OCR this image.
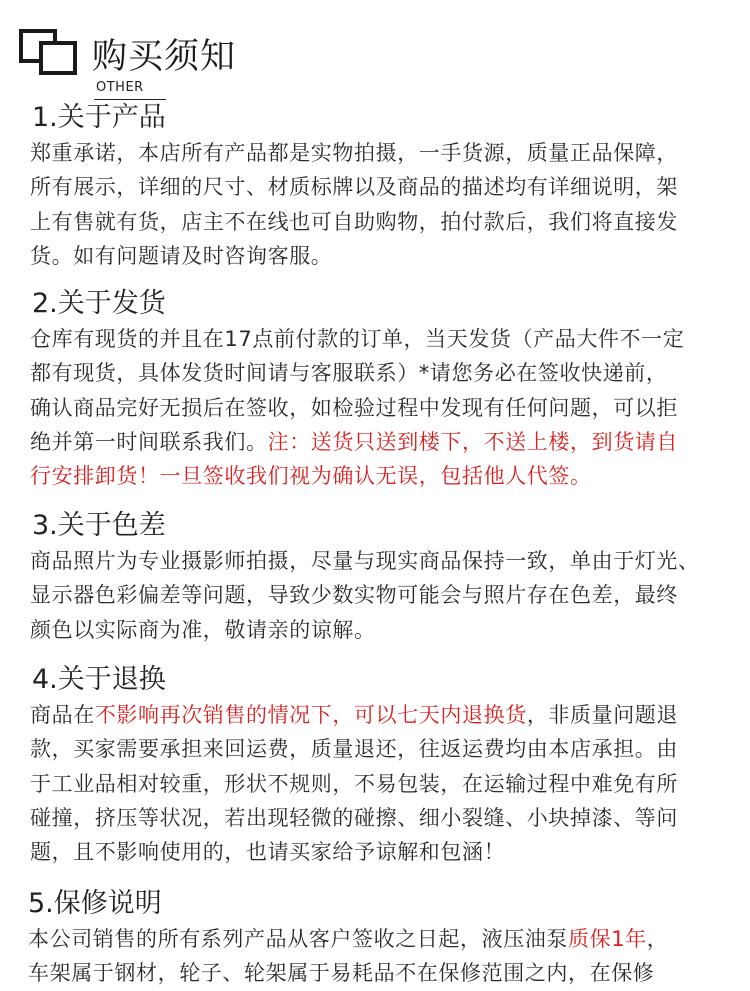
购买须知
OTHER
1.关于产品
郑重承诺，本店所有产品都是实物拍摄，一手货源，质量正品保障，
所有展示，详细的尺寸、材质标牌以及商品的描述均有详细说明，架
上有售就有货，店主不在线也可自助购物，拍付款后，我们将直接发
货。如有问题请及时咨询客服。
2.关于发货
仓库有现货的并且在17点前付款的订单，当天发货（产品大件不一定
都有现货，具体发货时间请与客服联系）*请您务必在签收快递前，
确认商品完好无损后在签收，如检验过程中发现有任何问题，可以拒
绝并第一时间联系我们。注：送货只送到楼下，不送上楼，到货请自
行安排卸货！一旦签收我们视为确认无误，包括他人代签。
3.关于色差
商品照片为专业摄影师拍摄，尽量与现实商品保持一致，单由于灯光、
显示器色彩偏差等问题，导致少数实物可能会与照片存在色差，最终
颜色以实际商为准，敬请亲的谅解。
4.关于退换
商品在不影响再次销售的情况下，可以七天内退换货，非质量问题退
款，买家需要承担来回运费，质量退还，往返运费均由本店承担。由
于工业品相对较重，形状不规则，不易包装，在运输过程中难免有所
碰撞，挤压等状况，若出现轻微的碰擦、细小裂缝、小块掉漆、等问
题，且不影响使用的，也请买家给予谅解和包涵！
5.保修说明
本公司销售的所有系列产品从客户签收之日起，液压油泵质保1年，
车架属于钢材，轮子、轮架属于易耗品不在保修范围之内，在保修
